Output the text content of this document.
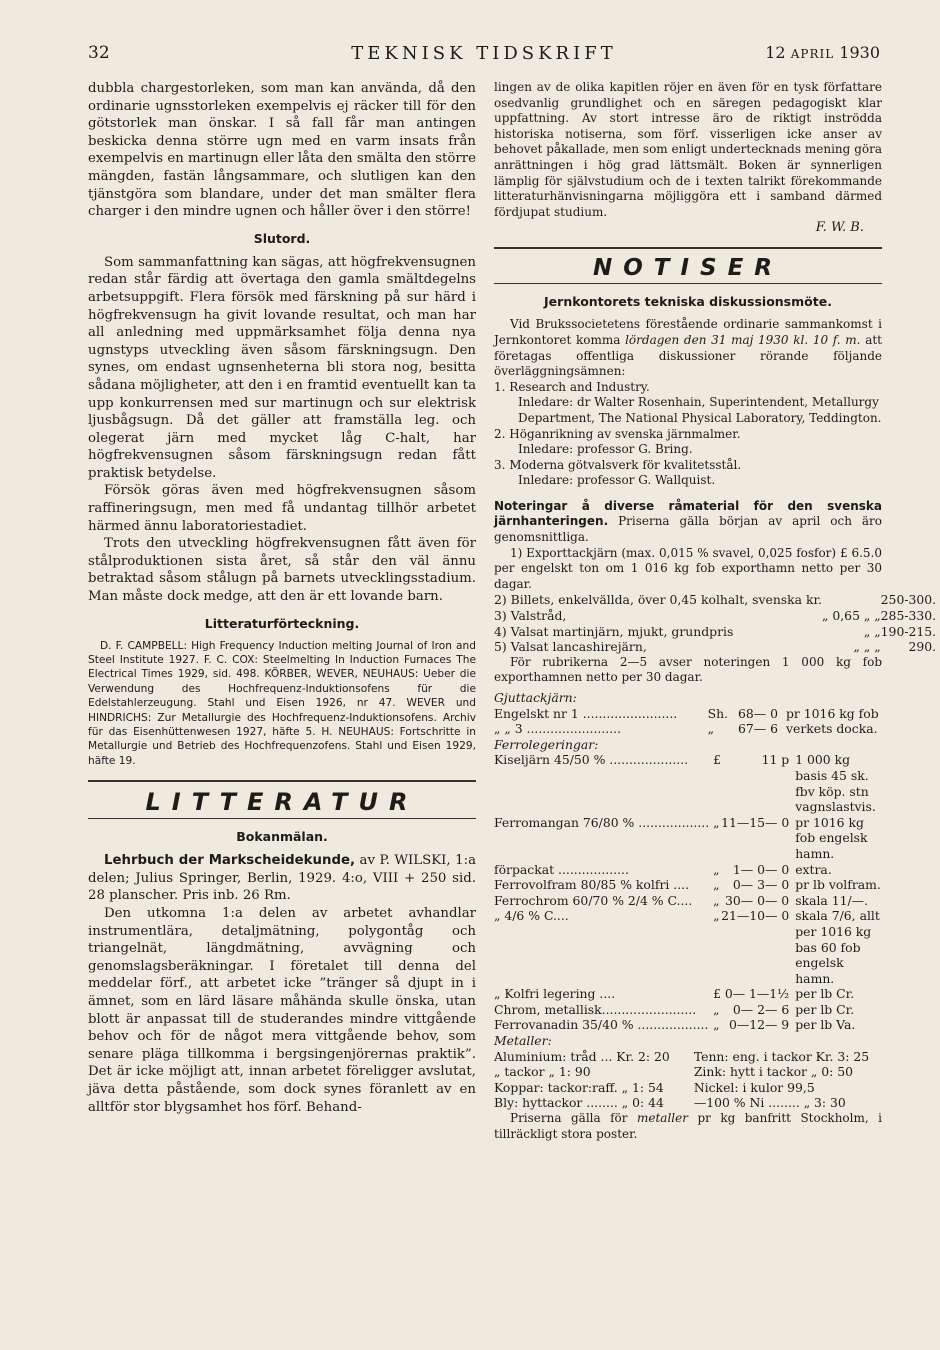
32	TEKNISK TIDSKRIFT	12 APRIL 1930

dubbla chargestorleken, som man kan använda, då den ordinarie ugnsstorleken exempelvis ej räcker till för den götstorlek man önskar. I så fall får man antingen beskicka denna större ugn med en varm insats från exempelvis en martinugn eller låta den smälta den större mängden, fastän långsammare, och slutligen kan den tjänstgöra som blandare, under det man smälter flera charger i den mindre ugnen och håller över i den större!

Slutord.

Som sammanfattning kan sägas, att högfrekvensugnen redan står färdig att övertaga den gamla smältdegelns arbetsuppgift. Flera försök med färskning på sur härd i högfrekvensugn ha givit lovande resultat, och man har all anledning med uppmärksamhet följa denna nya ugnstyps utveckling även såsom färskningsugn. Den synes, om endast ugnsenheterna bli stora nog, besitta sådana möjligheter, att den i en framtid eventuellt kan ta upp konkurrensen med sur martinugn och sur elektrisk ljusbågsugn. Då det gäller att framställa leg. och olegerat järn med mycket låg C-halt, har högfrekvensugnen såsom färskningsugn redan fått praktisk betydelse.

Försök göras även med högfrekvensugnen såsom raffineringsugn, men med få undantag tillhör arbetet härmed ännu laboratoriestadiet.

Trots den utveckling högfrekvensugnen fått även för stålproduktionen sista året, så står den väl ännu betraktad såsom stålugn på barnets utvecklingsstadium. Man måste dock medge, att den är ett lovande barn.

Litteraturförteckning.

D. F. CAMPBELL: High Frequency Induction melting Journal of Iron and Steel Institute 1927. F. C. COX: Steelmelting In Induction Furnaces The Electrical Times 1929, sid. 498. KÖRBER, WEVER, NEUHAUS: Ueber die Verwendung des Hochfrequenz-Induktionsofens für die Edelstahlerzeugung. Stahl und Eisen 1926, nr 47. WEVER und HINDRICHS: Zur Metallurgie des Hochfrequenz-Induktionsofens. Archiv für das Eisenhüttenwesen 1927, häfte 5. H. NEUHAUS: Fortschritte in Metallurgie und Betrieb des Hochfrequenzofens. Stahl und Eisen 1929, häfte 19.

LITTERATUR
Bokanmälan.

Lehrbuch der Markscheidekunde, av P. WILSKI, 1:a delen; Julius Springer, Berlin, 1929. 4:o, VIII + 250 sid. 28 planscher. Pris inb. 26 Rm.

Den utkomna 1:a delen av arbetet avhandlar instrumentlära, detaljmätning, polygontåg och triangelnät, längdmätning, avvägning och genomslagsberäkningar. I företalet till denna del meddelar förf., att arbetet icke ”tränger så djupt in i ämnet, som en lärd läsare måhända skulle önska, utan blott är anpassat till de studerandes mindre vittgående behov och för de något mera vittgående behov, som senare pläga tillkomma i bergsingenjörernas praktik”. Det är icke möjligt att, innan arbetet föreligger avslutat, jäva detta påstående, som dock synes föranlett av en alltför stor blygsamhet hos förf. Behand-

lingen av de olika kapitlen röjer en även för en tysk författare osedvanlig grundlighet och en säregen pedagogiskt klar uppfattning. Av stort intresse äro de riktigt inströdda historiska notiserna, som förf. visserligen icke anser av behovet påkallade, men som enligt undertecknads mening göra anrättningen i hög grad lättsmält. Boken är synnerligen lämplig för självstudium och de i texten talrikt förekommande litteraturhänvisningarna möjliggöra ett i samband därmed fördjupat studium.

F. W. B.
NOTISER
Jernkontorets tekniska diskussionsmöte.

Vid Brukssocietetens förestående ordinarie sammankomst i Jernkontoret komma lördagen den 31 maj 1930 kl. 10 f. m. att företagas offentliga diskussioner rörande följande överläggningsämnen:

1. Research and Industry.

Inledare: dr Walter Rosenhain, Superintendent, Metallurgy Department, The National Physical Laboratory, Teddington.

2. Höganrikning av svenska järnmalmer.

Inledare: professor G. Bring.

3. Moderna götvalsverk för kvalitetsstål.

Inledare: professor G. Wallquist.

Noteringar å diverse råmaterial för den svenska järnhanteringen. Priserna gälla början av april och äro genomsnittliga.

1) Exporttackjärn (max. 0,015 % svavel, 0,025 fosfor) £ 6.5.0 per engelskt ton om 1 016 kg fob exporthamn netto per 30 dagar.

2) Billets, enkelvällda, över 0,45 kolhalt, svenska kr.		250-300.
3) Valstråd,	„ 0,65 „ „	285-330.
4) Valsat martinjärn, mjukt, grundpris	„ „	190-215.
5) Valsat lancashirejärn,	„ „ „	290.

För rubrikerna 2—5 avser noteringen 1 000 kg fob exporthamnen netto per 30 dagar.

Gjuttackjärn:
Engelskt nr 1 ........................	Sh.	68— 0	pr 1016 kg fob verkets docka.
„ „ 3 ........................	„	67— 6	
Ferrolegeringar:
Kiseljärn 45/50 % ....................	£	11 p	1 000 kg basis 45 sk. fbv köp. stn vagnslastvis.
Ferromangan 76/80 % ..................	„	11—15— 0	pr 1016 kg fob engelsk hamn.
förpackat ..................	„	1— 0— 0	extra.
Ferrovolfram 80/85 % kolfri ....	„	0— 3— 0	pr lb volfram.
Ferrochrom 60/70 % 2/4 % C....	„	30— 0— 0	skala 11/—.
„ 4/6 % C....	„	21—10— 0	skala 7/6, allt per 1016 kg bas 60 fob engelsk hamn.
„ Kolfri legering ....	£	0— 1—1½	per lb Cr.
Chrom, metallisk........................	„	0— 2— 6	per lb Cr.
Ferrovanadin 35/40 % ..................	„	0—12— 9	per lb Va.
Metaller:
Aluminium: tråd ... Kr. 2: 20	Tenn: eng. i tackor Kr. 3: 25
„ tackor „ 1: 90	Zink: hytt i tackor „ 0: 50
Koppar: tackor:raff. „ 1: 54	Nickel: i kulor 99,5
Bly: hyttackor ........ „ 0: 44	—100 % Ni ........ „ 3: 30

Priserna gälla för metaller pr kg banfritt Stockholm, i tillräckligt stora poster.
